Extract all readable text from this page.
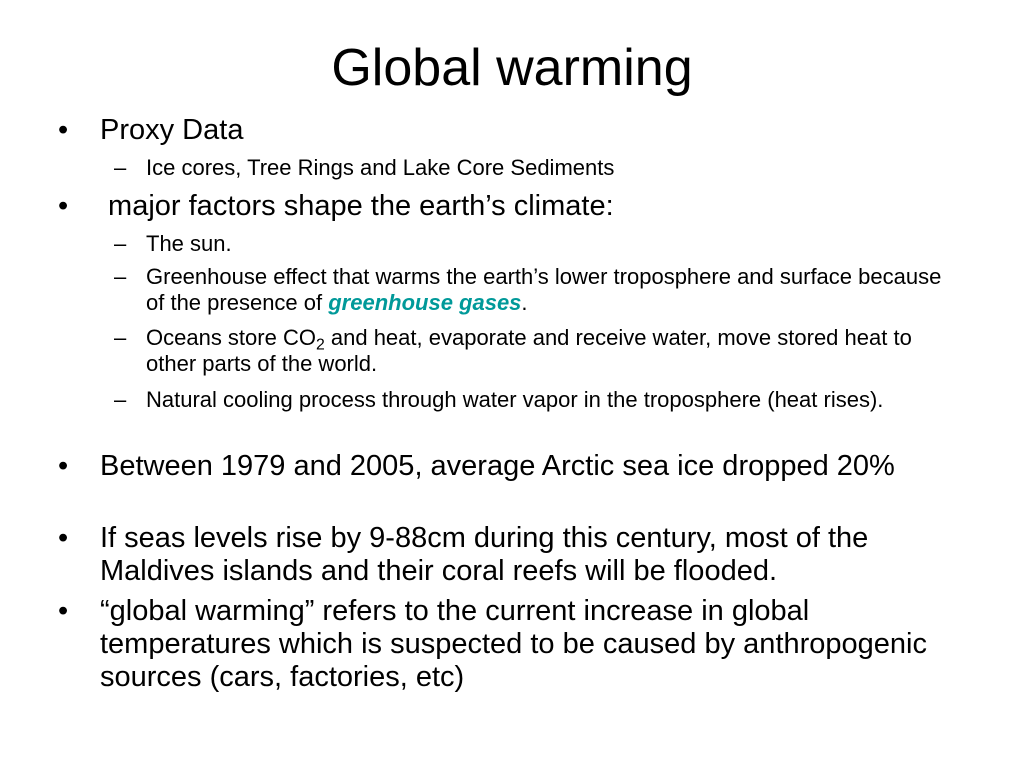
Global warming
• Proxy Data
– Ice cores, Tree Rings and Lake Core Sediments
• major factors shape the earth’s climate:
– The sun.
– Greenhouse effect that warms the earth’s lower troposphere and surface because of the presence of greenhouse gases.
– Oceans store $CO_2$ and heat, evaporate and receive water, move stored heat to other parts of the world.
– Natural cooling process through water vapor in the troposphere (heat rises).
• Between 1979 and 2005, average Arctic sea ice dropped 20%
• If seas levels rise by 9-88cm during this century, most of the Maldives islands and their coral reefs will be flooded.
• “global warming” refers to the current increase in global temperatures which is suspected to be caused by anthropogenic sources (cars, factories, etc)
